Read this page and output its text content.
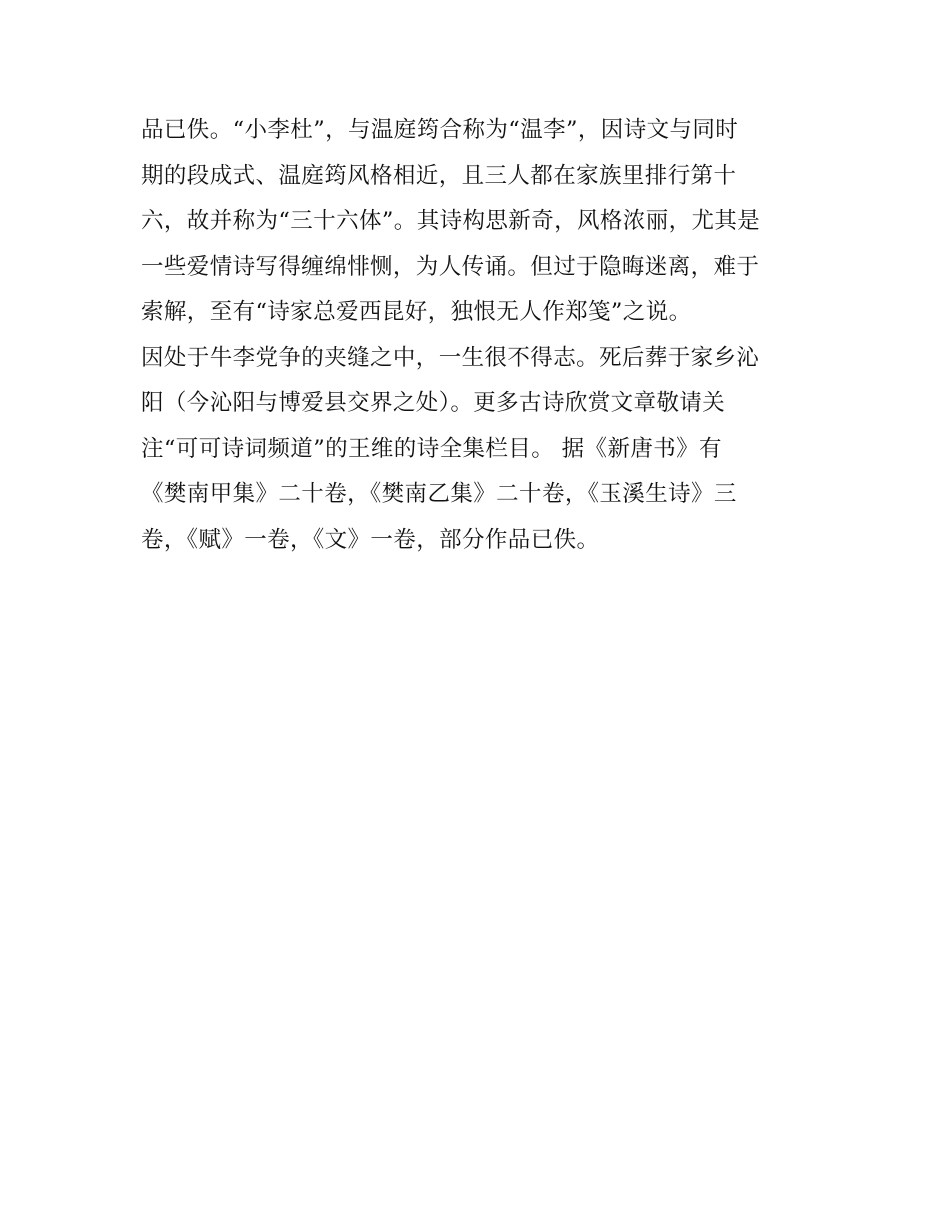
品已佚。“小李杜”，与温庭筠合称为“温李”，因诗文与同时
期的段成式、温庭筠风格相近，且三人都在家族里排行第十
六，故并称为“三十六体”。其诗构思新奇，风格浓丽，尤其是
一些爱情诗写得缠绵悱恻，为人传诵。但过于隐晦迷离，难于
索解，至有“诗家总爱西昆好，独恨无人作郑笺”之说。
因处于牛李党争的夹缝之中，一生很不得志。死后葬于家乡沁
阳（今沁阳与博爱县交界之处）。更多古诗欣赏文章敬请关
注“可可诗词频道”的王维的诗全集栏目。 据《新唐书》有
《樊南甲集》二十卷，《樊南乙集》二十卷，《玉溪生诗》三
卷，《赋》一卷，《文》一卷，部分作品已佚。
